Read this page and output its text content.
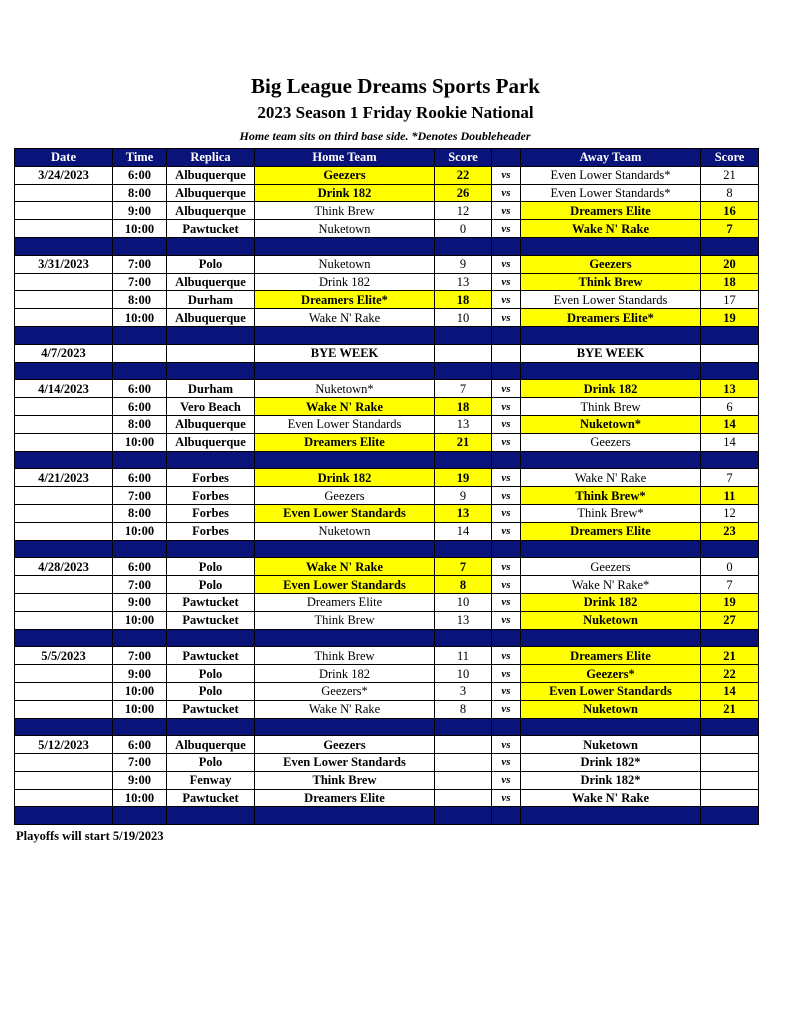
Big League Dreams Sports Park
2023 Season 1 Friday Rookie National
Home team sits on third base side. *Denotes Doubleheader
Date	Time	Replica	Home Team	Score		Away Team	Score
3/24/2023	6:00	Albuquerque	Geezers	22	vs	Even Lower Standards*	21
	8:00	Albuquerque	Drink 182	26	vs	Even Lower Standards*	8
	9:00	Albuquerque	Think Brew	12	vs	Dreamers Elite	16
	10:00	Pawtucket	Nuketown	0	vs	Wake N' Rake	7

3/31/2023	7:00	Polo	Nuketown	9	vs	Geezers	20
	7:00	Albuquerque	Drink 182	13	vs	Think Brew	18
	8:00	Durham	Dreamers Elite*	18	vs	Even Lower Standards	17
	10:00	Albuquerque	Wake N' Rake	10	vs	Dreamers Elite*	19

4/7/2023			BYE WEEK			BYE WEEK	

4/14/2023	6:00	Durham	Nuketown*	7	vs	Drink 182	13
	6:00	Vero Beach	Wake N' Rake	18	vs	Think Brew	6
	8:00	Albuquerque	Even Lower Standards	13	vs	Nuketown*	14
	10:00	Albuquerque	Dreamers Elite	21	vs	Geezers	14

4/21/2023	6:00	Forbes	Drink 182	19	vs	Wake N' Rake	7
	7:00	Forbes	Geezers	9	vs	Think Brew*	11
	8:00	Forbes	Even Lower Standards	13	vs	Think Brew*	12
	10:00	Forbes	Nuketown	14	vs	Dreamers Elite	23

4/28/2023	6:00	Polo	Wake N' Rake	7	vs	Geezers	0
	7:00	Polo	Even Lower Standards	8	vs	Wake N' Rake*	7
	9:00	Pawtucket	Dreamers Elite	10	vs	Drink 182	19
	10:00	Pawtucket	Think Brew	13	vs	Nuketown	27

5/5/2023	7:00	Pawtucket	Think Brew	11	vs	Dreamers Elite	21
	9:00	Polo	Drink 182	10	vs	Geezers*	22
	10:00	Polo	Geezers*	3	vs	Even Lower Standards	14
	10:00	Pawtucket	Wake N' Rake	8	vs	Nuketown	21

5/12/2023	6:00	Albuquerque	Geezers		vs	Nuketown	
	7:00	Polo	Even Lower Standards		vs	Drink 182*	
	9:00	Fenway	Think Brew		vs	Drink 182*	
	10:00	Pawtucket	Dreamers Elite		vs	Wake N' Rake	

Playoffs will start 5/19/2023
